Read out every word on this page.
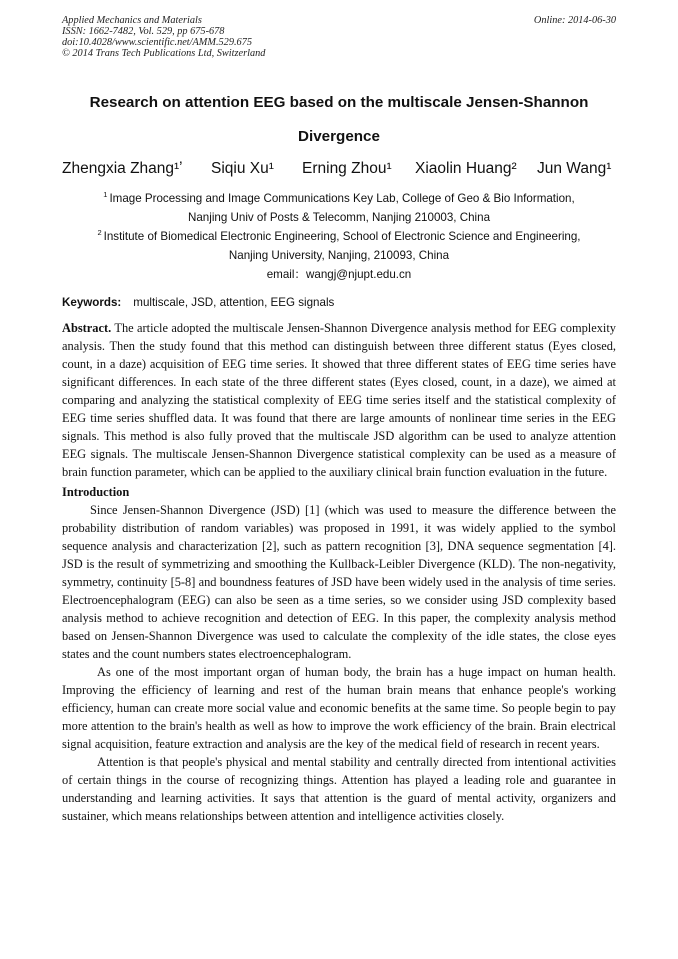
Applied Mechanics and Materials
ISSN: 1662-7482, Vol. 529, pp 675-678
doi:10.4028/www.scientific.net/AMM.529.675
© 2014 Trans Tech Publications Ltd, Switzerland
Online: 2014-06-30
Research on attention EEG based on the multiscale Jensen-Shannon Divergence
Zhengxia Zhang¹ʼ Siqiu Xu¹ Erning Zhou¹ Xiaolin Huang² Jun Wang¹
$^1$ Image Processing and Image Communications Key Lab, College of Geo & Bio Information,
Nanjing Univ of Posts & Telecomm, Nanjing 210003, China
$^2$ Institute of Biomedical Electronic Engineering, School of Electronic Science and Engineering,
Nanjing University, Nanjing, 210093, China
email：wangj@njupt.edu.cn
Keywords: multiscale, JSD, attention, EEG signals

Abstract. The article adopted the multiscale Jensen-Shannon Divergence analysis method for EEG complexity analysis. Then the study found that this method can distinguish between three different status (Eyes closed, count, in a daze) acquisition of EEG time series. It showed that three different states of EEG time series have significant differences. In each state of the three different states (Eyes closed, count, in a daze), we aimed at comparing and analyzing the statistical complexity of EEG time series itself and the statistical complexity of EEG time series shuffled data. It was found that there are large amounts of nonlinear time series in the EEG signals. This method is also fully proved that the multiscale JSD algorithm can be used to analyze attention EEG signals. The multiscale Jensen-Shannon Divergence statistical complexity can be used as a measure of brain function parameter, which can be applied to the auxiliary clinical brain function evaluation in the future.

Introduction

Since Jensen-Shannon Divergence (JSD) [1] (which was used to measure the difference between the probability distribution of random variables) was proposed in 1991, it was widely applied to the symbol sequence analysis and characterization [2], such as pattern recognition [3], DNA sequence segmentation [4]. JSD is the result of symmetrizing and smoothing the Kullback-Leibler Divergence (KLD). The non-negativity, symmetry, continuity [5-8] and boundness features of JSD have been widely used in the analysis of time series. Electroencephalogram (EEG) can also be seen as a time series, so we consider using JSD complexity based analysis method to achieve recognition and detection of EEG. In this paper, the complexity analysis method based on Jensen-Shannon Divergence was used to calculate the complexity of the idle states, the close eyes states and the count numbers states electroencephalogram.

As one of the most important organ of human body, the brain has a huge impact on human health. Improving the efficiency of learning and rest of the human brain means that enhance people's working efficiency, human can create more social value and economic benefits at the same time. So people begin to pay more attention to the brain's health as well as how to improve the work efficiency of the brain. Brain electrical signal acquisition, feature extraction and analysis are the key of the medical field of research in recent years.

Attention is that people's physical and mental stability and centrally directed from intentional activities of certain things in the course of recognizing things. Attention has played a leading role and guarantee in understanding and learning activities. It says that attention is the guard of mental activity, organizers and sustainer, which means relationships between attention and intelligence activities closely.
